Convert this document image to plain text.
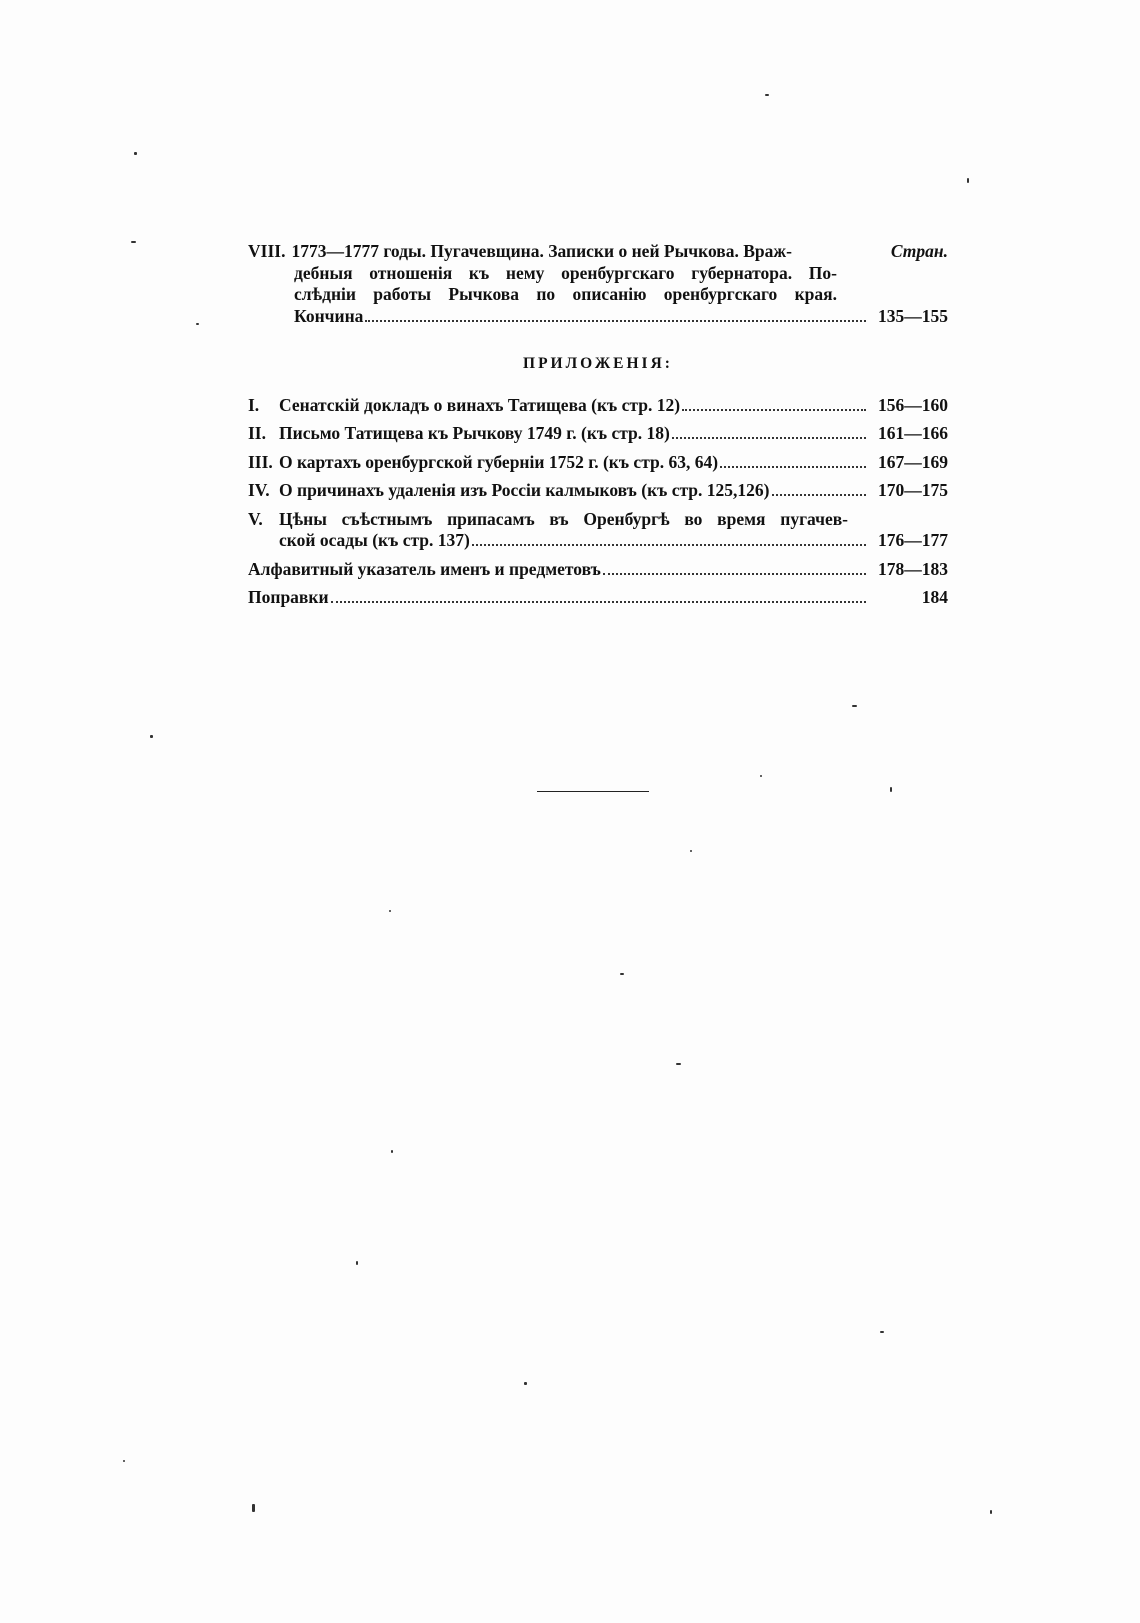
VIII. 1773—1777 годы. Пугачевщина. Записки о ней Рычкова. Враж-	Стран.
дебныя отношенія къ нему оренбургскаго губернатора. По-
слѣдніи работы Рычкова по описанію оренбургскаго края.
Кончина	135—155
ПРИЛОЖЕНІЯ:
I.	Сенатскій докладъ о винахъ Татищева (къ стр. 12)	156—160
II. Письмо Татищева къ Рычкову 1749 г. (къ стр. 18)	161—166
III. О картахъ оренбургской губерніи 1752 г. (къ стр. 63, 64)	167—169
IV. О причинахъ удаленія изъ Россіи калмыковъ (къ стр. 125,126)	170—175
V. Цѣны съѣстнымъ припасамъ въ Оренбургѣ во время пугачев-
ской осады (къ стр. 137)	176—177
Алфавитный указатель именъ и предметовъ	178—183
Поправки	184
